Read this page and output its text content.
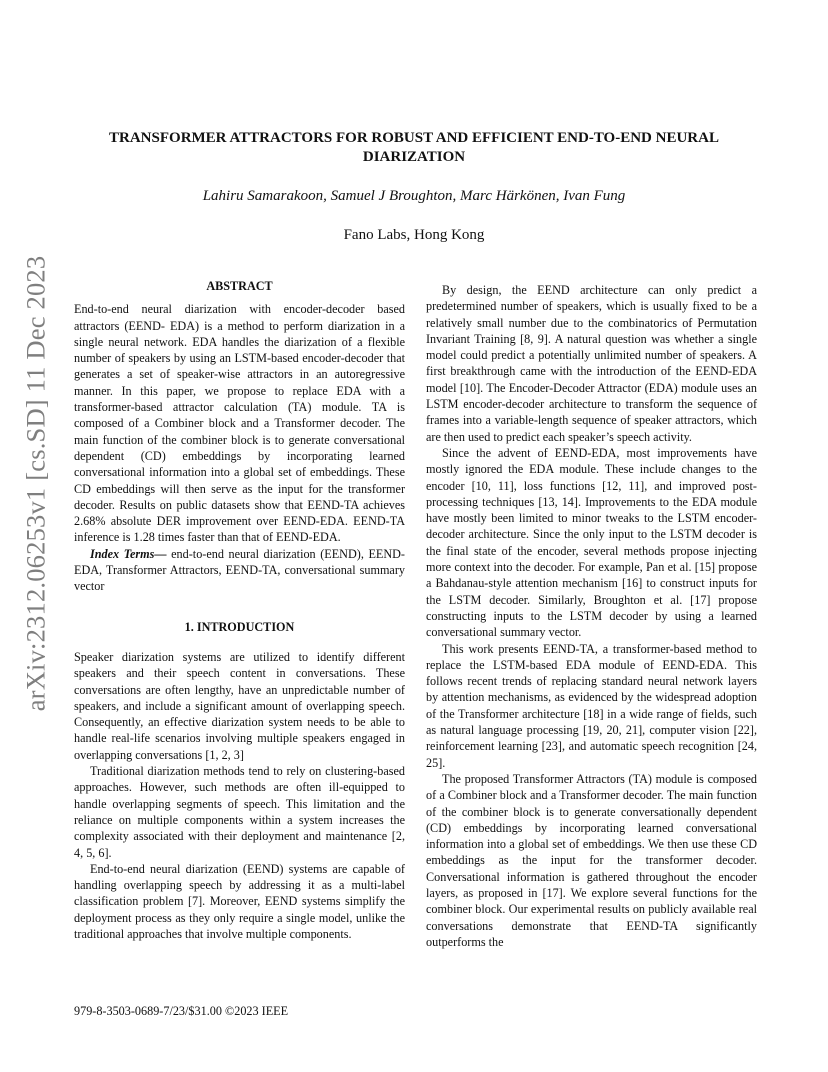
arXiv:2312.06253v1 [cs.SD] 11 Dec 2023
TRANSFORMER ATTRACTORS FOR ROBUST AND EFFICIENT END-TO-END NEURAL
DIARIZATION
Lahiru Samarakoon, Samuel J Broughton, Marc Härkönen, Ivan Fung
Fano Labs, Hong Kong
ABSTRACT

End-to-end neural diarization with encoder-decoder based attractors (EEND- EDA) is a method to perform diarization in a single neural network. EDA handles the diarization of a flexible number of speakers by using an LSTM-based encoder-decoder that generates a set of speaker-wise attractors in an autoregressive manner. In this paper, we propose to replace EDA with a transformer-based attractor calculation (TA) module. TA is composed of a Combiner block and a Transformer decoder. The main function of the combiner block is to generate conversational dependent (CD) embeddings by incorporating learned conversational information into a global set of embeddings. These CD embeddings will then serve as the input for the transformer decoder. Results on public datasets show that EEND-TA achieves 2.68% absolute DER improvement over EEND-EDA. EEND-TA inference is 1.28 times faster than that of EEND-EDA.

Index Terms— end-to-end neural diarization (EEND), EEND- EDA, Transformer Attractors, EEND-TA, conversational summary vector

1. INTRODUCTION

Speaker diarization systems are utilized to identify different speakers and their speech content in conversations. These conversations are often lengthy, have an unpredictable number of speakers, and include a significant amount of overlapping speech. Consequently, an effective diarization system needs to be able to handle real-life scenarios involving multiple speakers engaged in overlapping conversations [1, 2, 3]

Traditional diarization methods tend to rely on clustering-based approaches. However, such methods are often ill-equipped to handle overlapping segments of speech. This limitation and the reliance on multiple components within a system increases the complexity associated with their deployment and maintenance [2, 4, 5, 6].

End-to-end neural diarization (EEND) systems are capable of handling overlapping speech by addressing it as a multi-label classification problem [7]. Moreover, EEND systems simplify the deployment process as they only require a single model, unlike the traditional approaches that involve multiple components.

By design, the EEND architecture can only predict a predetermined number of speakers, which is usually fixed to be a relatively small number due to the combinatorics of Permutation Invariant Training [8, 9]. A natural question was whether a single model could predict a potentially unlimited number of speakers. A first breakthrough came with the introduction of the EEND-EDA model [10]. The Encoder-Decoder Attractor (EDA) module uses an LSTM encoder-decoder architecture to transform the sequence of frames into a variable-length sequence of speaker attractors, which are then used to predict each speaker’s speech activity.

Since the advent of EEND-EDA, most improvements have mostly ignored the EDA module. These include changes to the encoder [10, 11], loss functions [12, 11], and improved post-processing techniques [13, 14]. Improvements to the EDA module have mostly been limited to minor tweaks to the LSTM encoder-decoder architecture. Since the only input to the LSTM decoder is the final state of the encoder, several methods propose injecting more context into the decoder. For example, Pan et al. [15] propose a Bahdanau-style attention mechanism [16] to construct inputs for the LSTM decoder. Similarly, Broughton et al. [17] propose constructing inputs to the LSTM decoder by using a learned conversational summary vector.

This work presents EEND-TA, a transformer-based method to replace the LSTM-based EDA module of EEND-EDA. This follows recent trends of replacing standard neural network layers by attention mechanisms, as evidenced by the widespread adoption of the Transformer architecture [18] in a wide range of fields, such as natural language processing [19, 20, 21], computer vision [22], reinforcement learning [23], and automatic speech recognition [24, 25].

The proposed Transformer Attractors (TA) module is composed of a Combiner block and a Transformer decoder. The main function of the combiner block is to generate conversationally dependent (CD) embeddings by incorporating learned conversational information into a global set of embeddings. We then use these CD embeddings as the input for the transformer decoder. Conversational information is gathered throughout the encoder layers, as proposed in [17]. We explore several functions for the combiner block. Our experimental results on publicly available real conversations demonstrate that EEND-TA significantly outperforms the

979-8-3503-0689-7/23/$31.00 ©2023 IEEE
